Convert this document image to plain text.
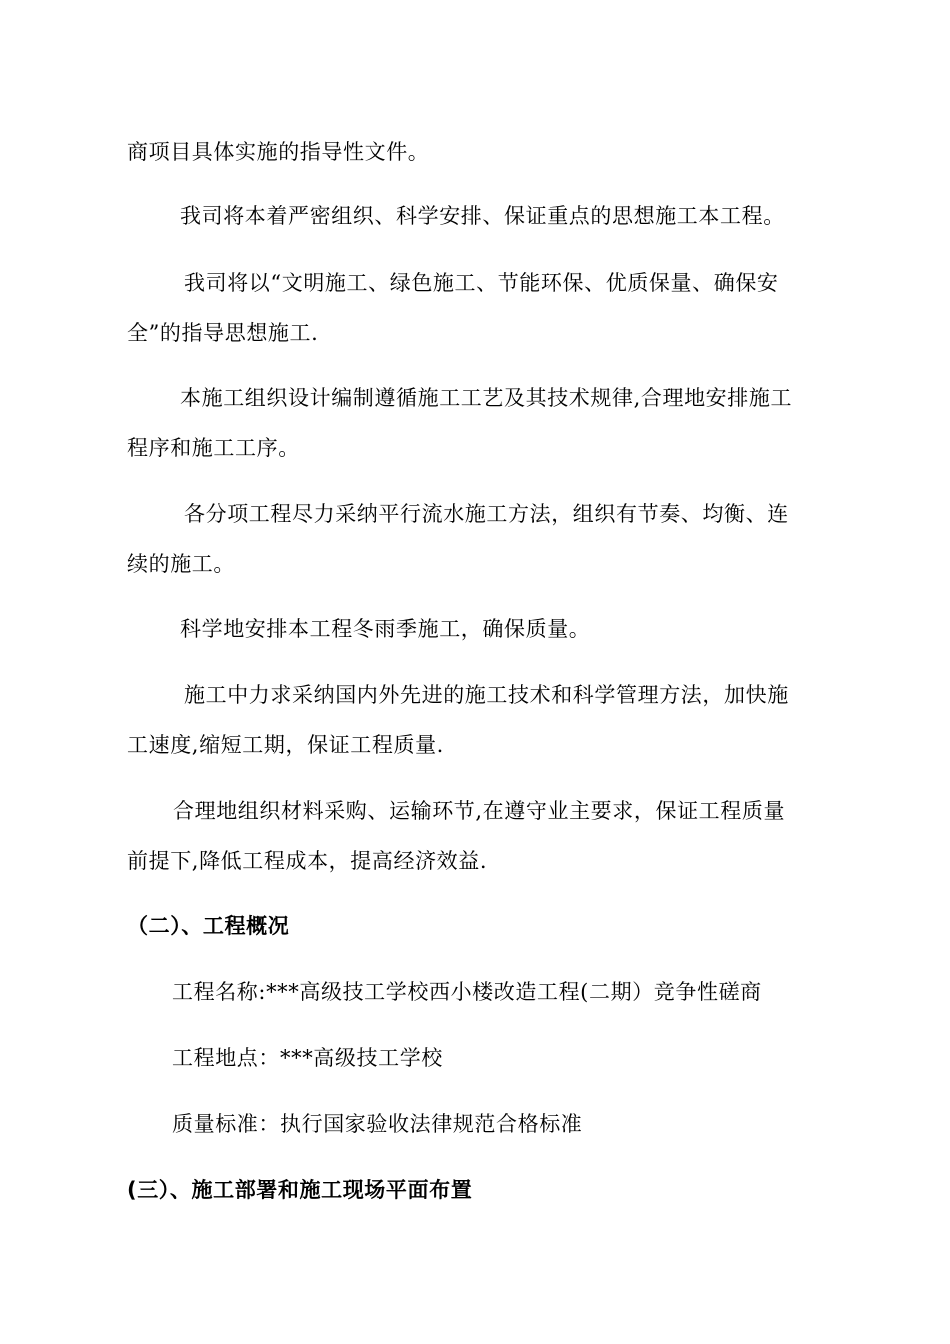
商项目具体实施的指导性文件。
我司将本着严密组织、科学安排、保证重点的思想施工本工程。
我司将以“文明施工、绿色施工、节能环保、优质保量、确保安
全”的指导思想施工.
本施工组织设计编制遵循施工工艺及其技术规律,合理地安排施工
程序和施工工序。
各分项工程尽力采纳平行流水施工方法，组织有节奏、均衡、连
续的施工。
科学地安排本工程冬雨季施工，确保质量。
施工中力求采纳国内外先进的施工技术和科学管理方法，加快施
工速度,缩短工期，保证工程质量.
合理地组织材料采购、运输环节,在遵守业主要求，保证工程质量
前提下,降低工程成本，提高经济效益.
（二）、工程概况
工程名称:***高级技工学校西小楼改造工程(二期）竞争性磋商
工程地点：***高级技工学校
质量标准：执行国家验收法律规范合格标准
(三）、施工部署和施工现场平面布置
